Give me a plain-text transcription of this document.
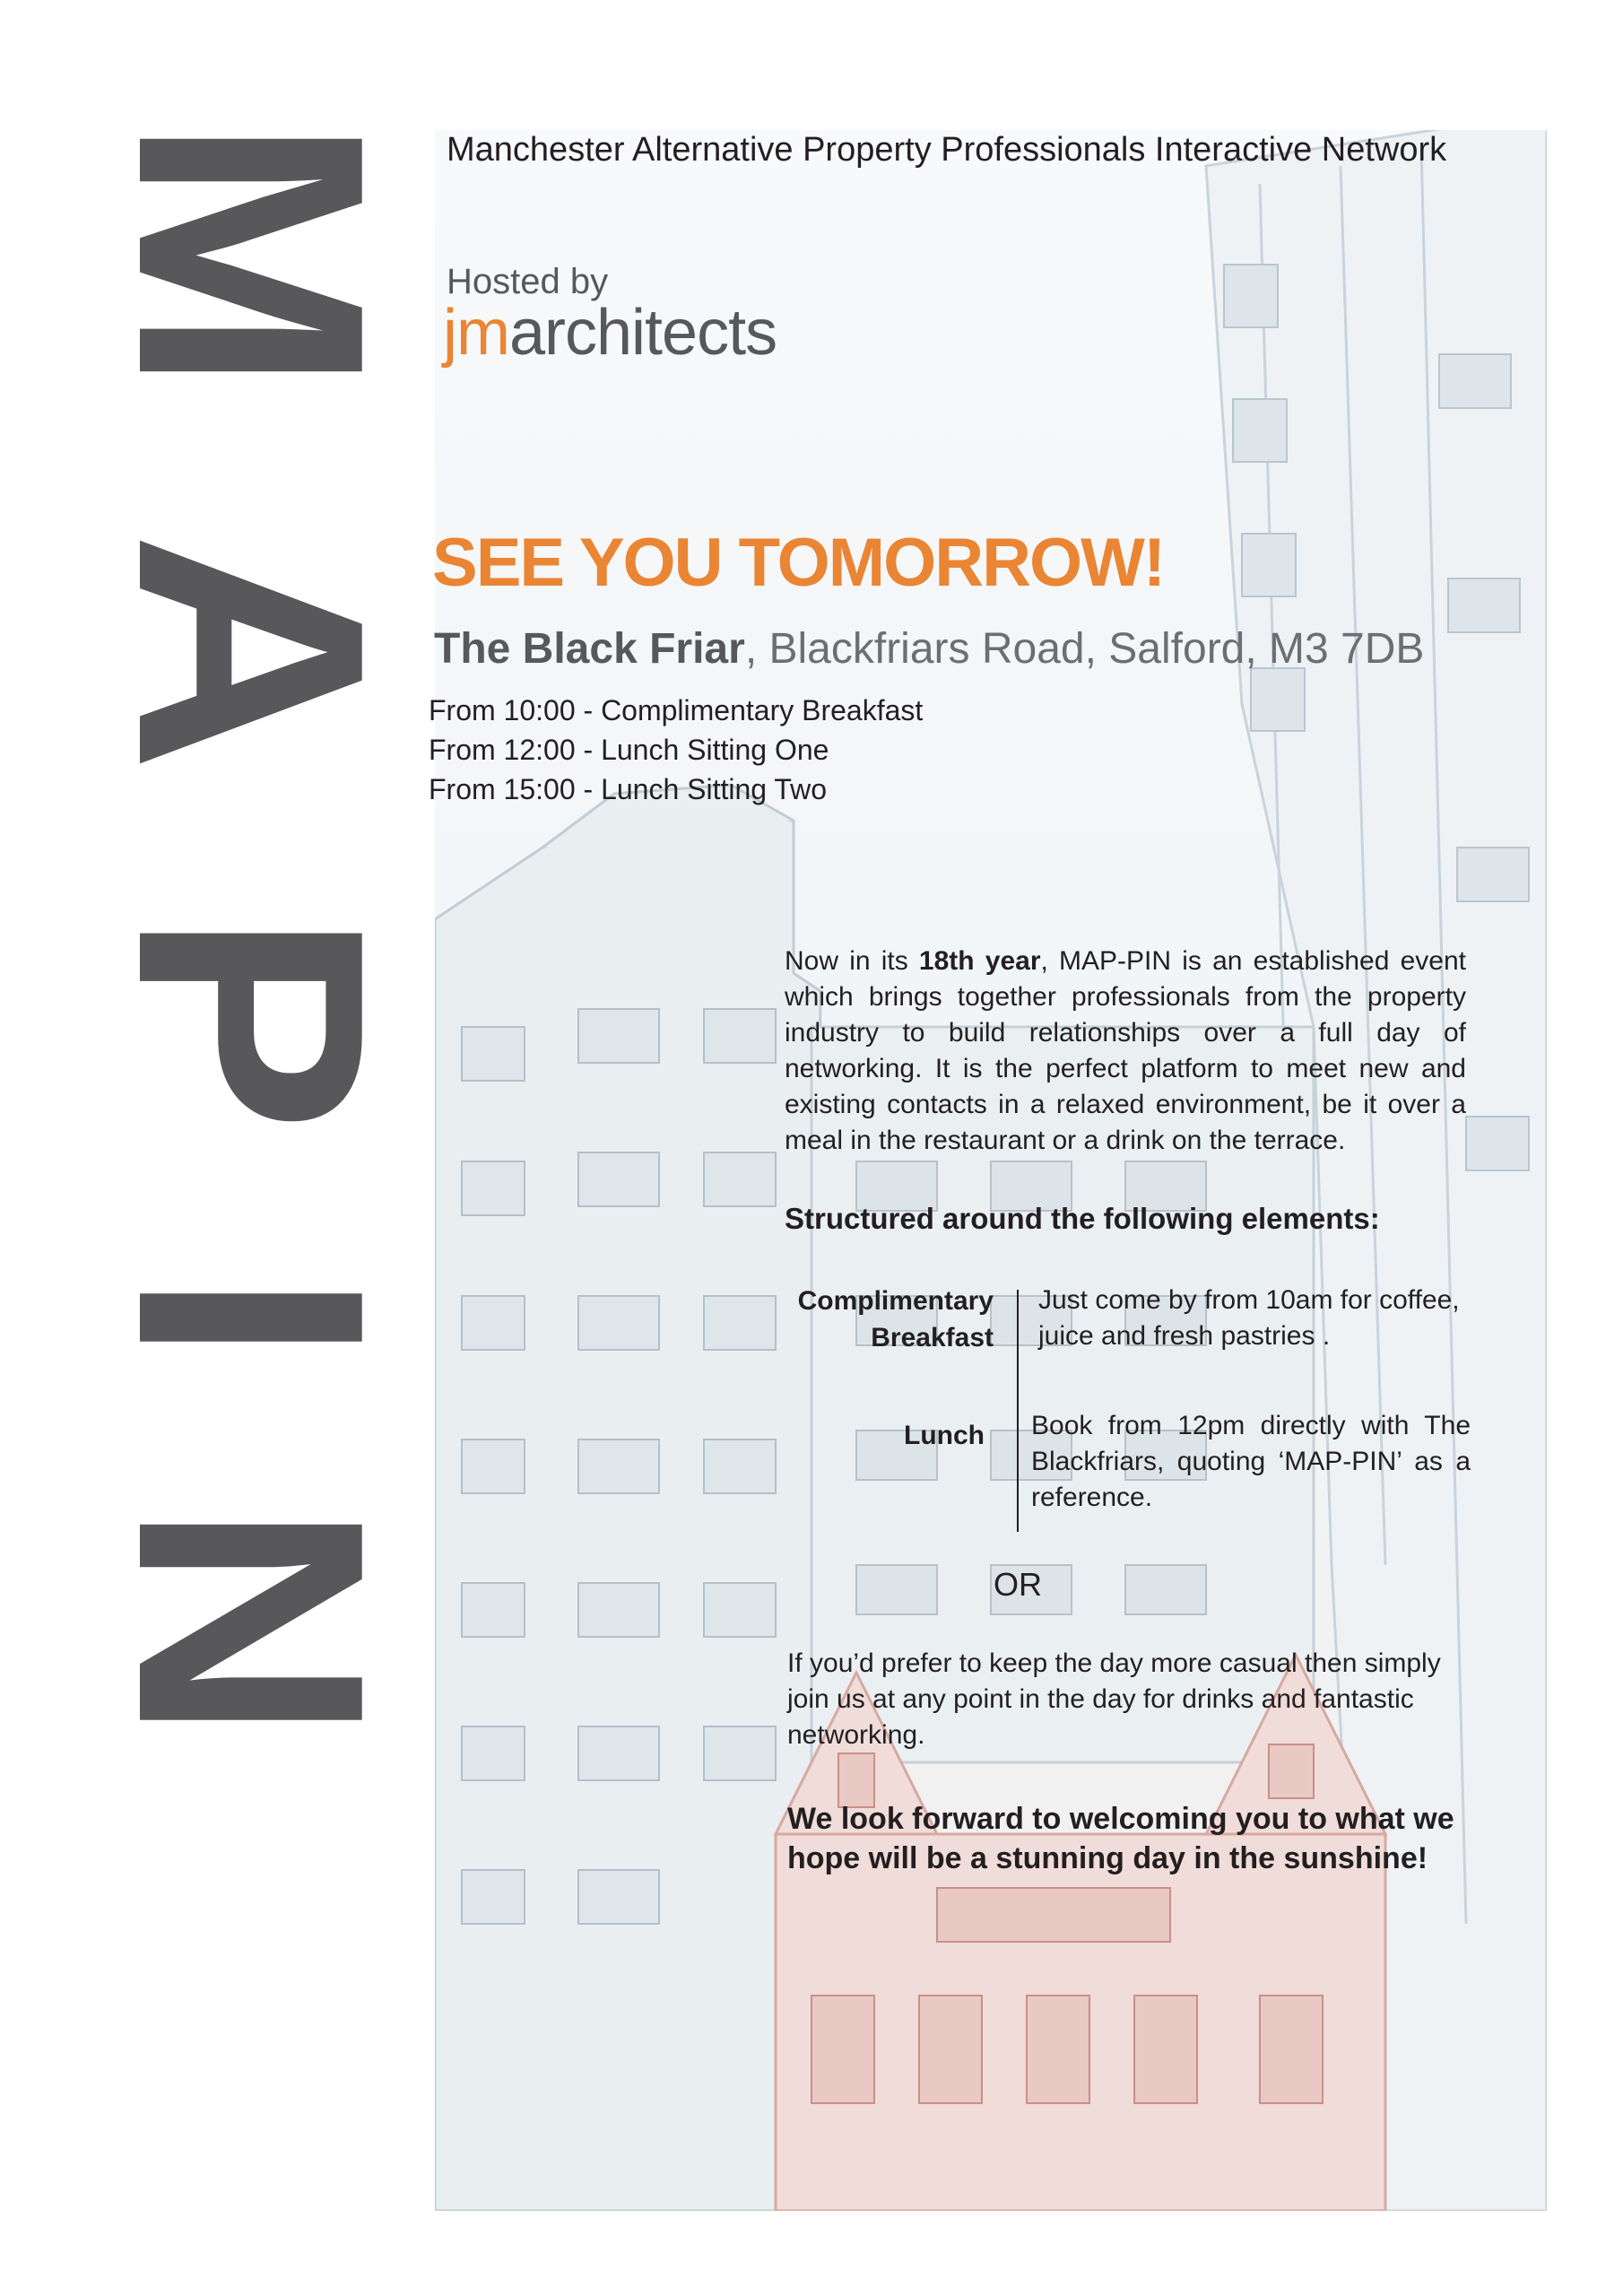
MAPIN Manchester Alternative Property Professionals Interactive Network
Hosted by
jmarchitects
SEE YOU TOMORROW!
The Black Friar, Blackfriars Road, Salford, M3 7DB
From 10:00 - Complimentary Breakfast
From 12:00 - Lunch Sitting One
From 15:00 - Lunch Sitting Two
Now in its 18th year, MAP-PIN is an established event which brings together professionals from the property industry to build relationships over a full day of networking. It is the perfect platform to meet new and existing contacts in a relaxed environment, be it over a meal in the restaurant or a drink on the terrace.
Structured around the following elements:
Complimentary
Breakfast
Just come by from 10am for coffee, juice and fresh pastries .
Lunch Book from 12pm directly with The Blackfriars, quoting ‘MAP-PIN’ as a reference.
OR
If you’d prefer to keep the day more casual then simply join us at any point in the day for drinks and fantastic networking.
We look forward to welcoming you to what we hope will be a stunning day in the sunshine!
